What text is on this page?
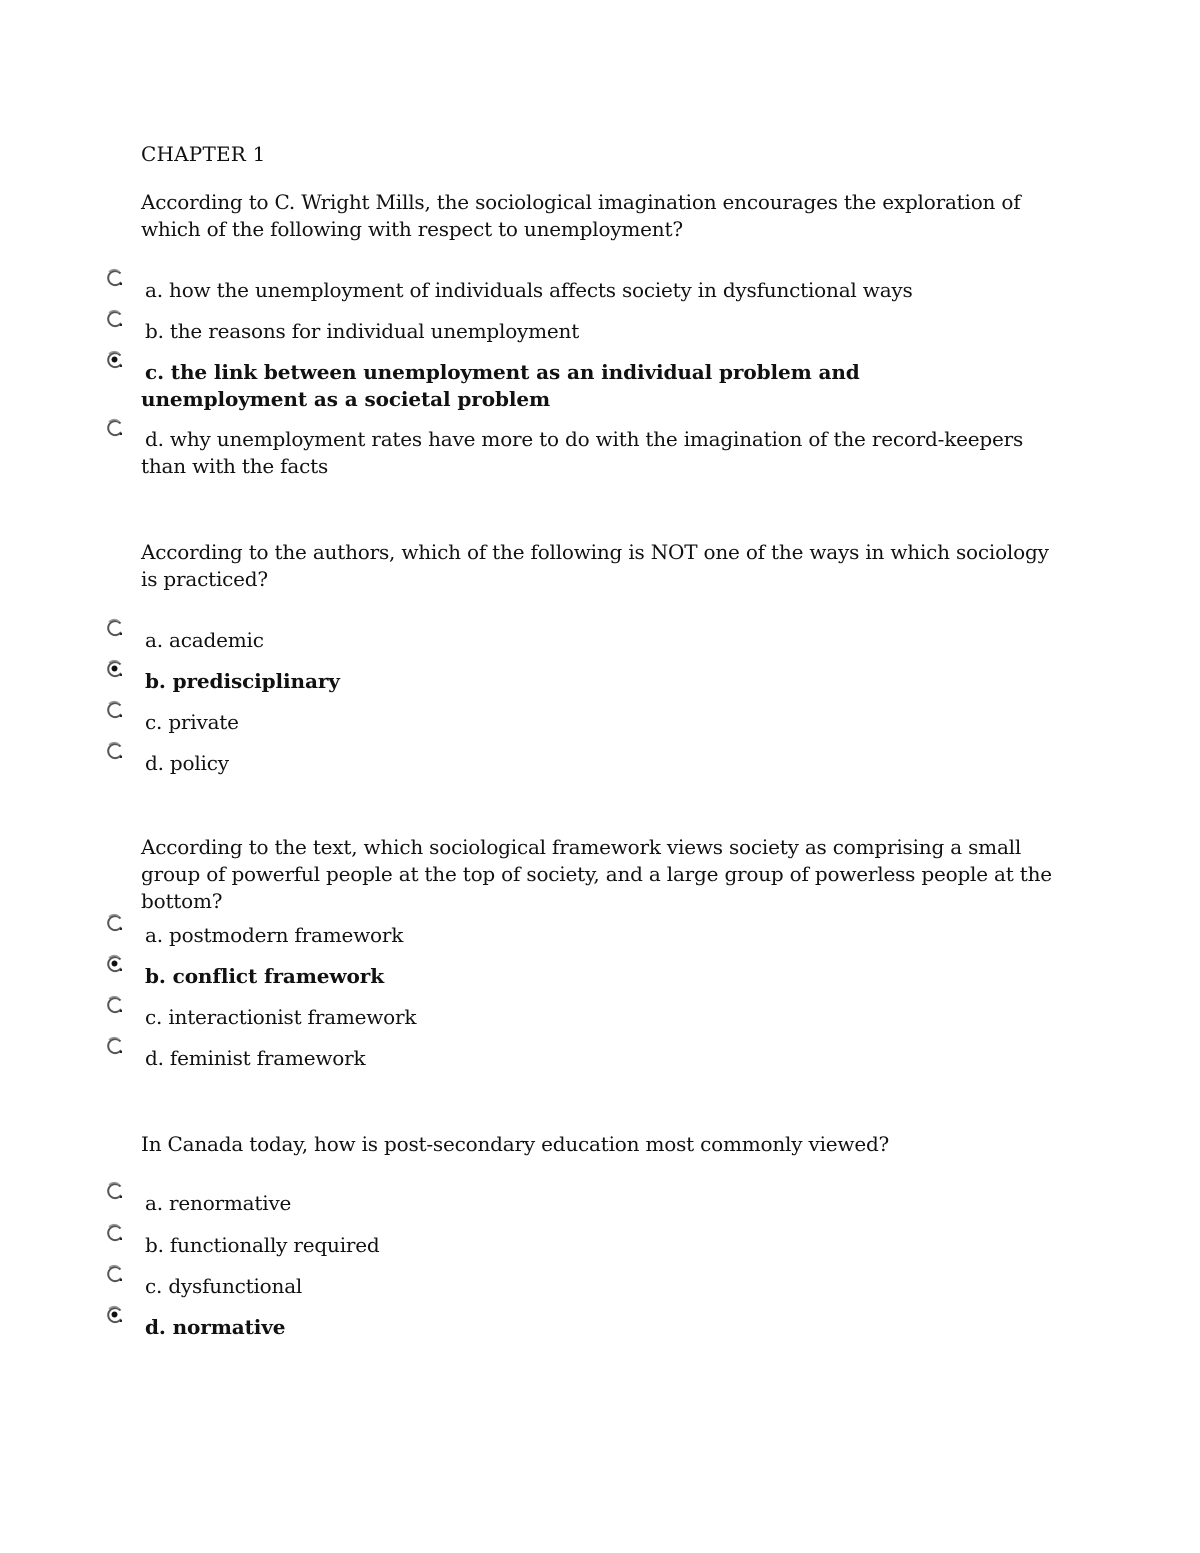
CHAPTER 1
According to C. Wright Mills, the sociological imagination encourages the exploration of which of the following with respect to unemployment?
a. how the unemployment of individuals affects society in dysfunctional ways
b. the reasons for individual unemployment
c. the link between unemployment as an individual problem and unemployment as a societal problem
d. why unemployment rates have more to do with the imagination of the record-keepers than with the facts
According to the authors, which of the following is NOT one of the ways in which sociology is practiced?
a. academic
b. predisciplinary
c. private
d. policy
According to the text, which sociological framework views society as comprising a small group of powerful people at the top of society, and a large group of powerless people at the bottom?
a. postmodern framework
b. conflict framework
c. interactionist framework
d. feminist framework
In Canada today, how is post-secondary education most commonly viewed?
a. renormative
b. functionally required
c. dysfunctional
d. normative
